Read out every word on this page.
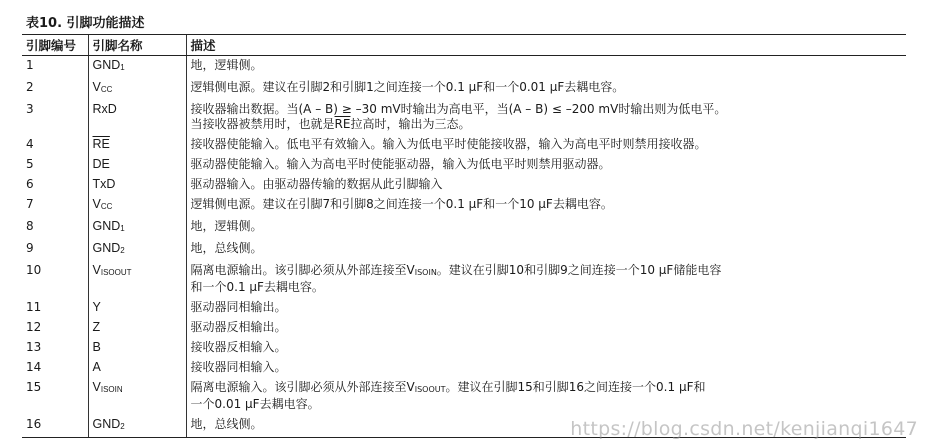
表10. 引脚功能描述
引脚编号	引脚名称	描述
1	GND1	地，逻辑侧。
2	VCC	逻辑侧电源。建议在引脚2和引脚1之间连接一个0.1 μF和一个0.01 μF去耦电容。
3	RxD	接收器输出数据。当(A – B) ≥ –30 mV时输出为高电平，当(A – B) ≤ –200 mV时输出则为低电平。
当接收器被禁用时，也就是$\overline{RE}$拉高时，输出为三态。

4	$\overline{RE}$	接收器使能输入。低电平有效输入。输入为低电平时使能接收器，输入为高电平时则禁用接收器。
5	DE	驱动器使能输入。输入为高电平时使能驱动器，输入为低电平时则禁用驱动器。
6	TxD	驱动器输入。由驱动器传输的数据从此引脚输入
7	VCC	逻辑侧电源。建议在引脚7和引脚8之间连接一个0.1 μF和一个10 μF去耦电容。
8	GND1	地，逻辑侧。
9	GND2	地，总线侧。
10	VISOOUT	隔离电源输出。该引脚必须从外部连接至VISOIN。建议在引脚10和引脚9之间连接一个10 μF储能电容
和一个0.1 μF去耦电容。

11	Y	驱动器同相输出。
12	Z	驱动器反相输出。
13	B	接收器反相输入。
14	A	接收器同相输入。
15	VISOIN	隔离电源输入。该引脚必须从外部连接至VISOOUT。建议在引脚15和引脚16之间连接一个0.1 μF和
一个0.01 μF去耦电容。

16	GND2	地，总线侧。	https://blog.csdn.net/kenjianqi1647
